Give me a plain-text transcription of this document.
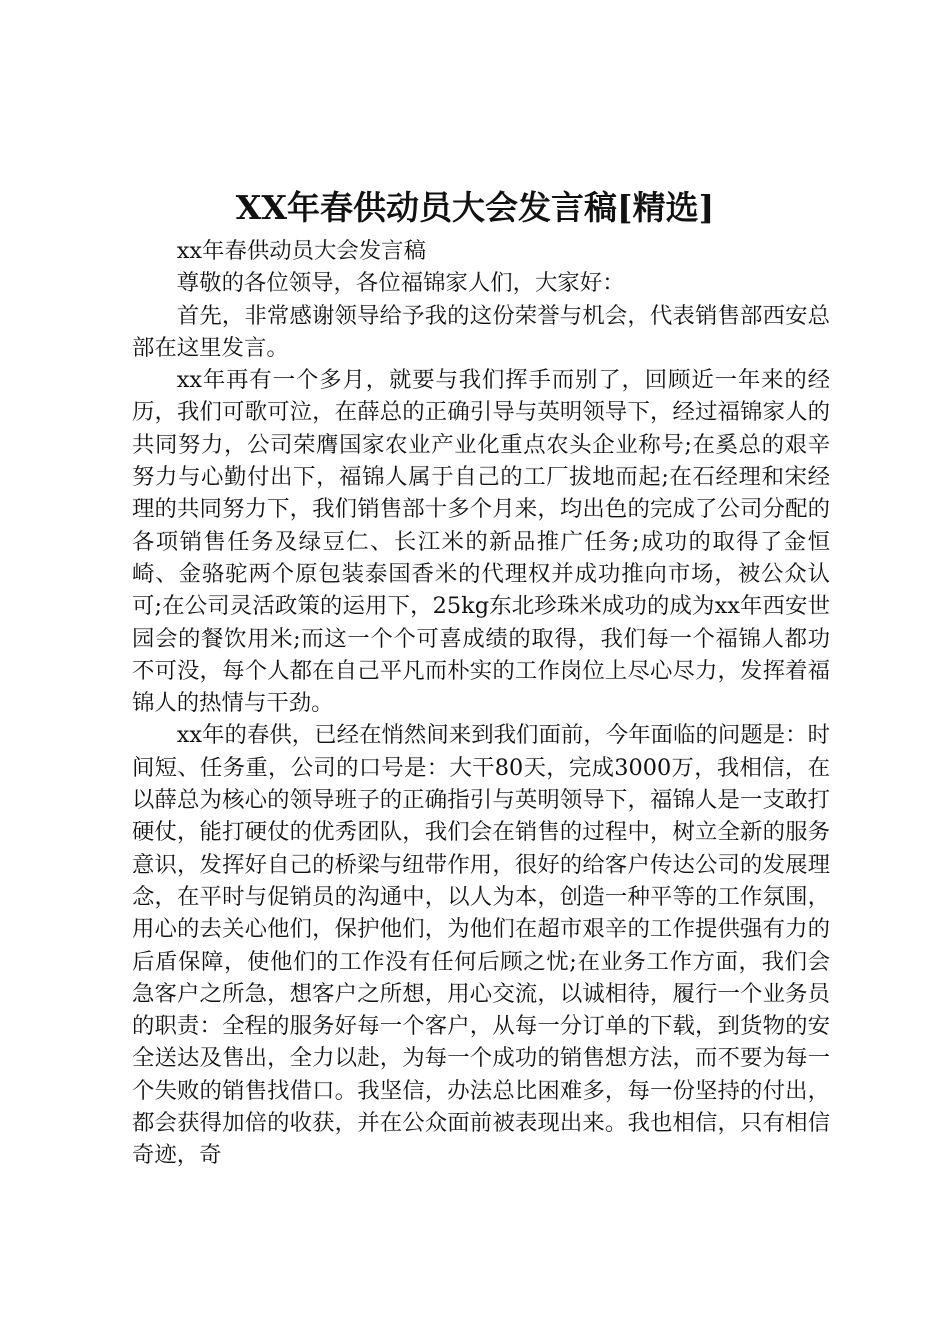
XX年春供动员大会发言稿[精选]

xx年春供动员大会发言稿

尊敬的各位领导，各位福锦家人们，大家好：

首先，非常感谢领导给予我的这份荣誉与机会，代表销售部西安总部在这里发言。

xx年再有一个多月，就要与我们挥手而别了，回顾近一年来的经历，我们可歌可泣，在薛总的正确引导与英明领导下，经过福锦家人的共同努力，公司荣膺国家农业产业化重点农头企业称号;在奚总的艰辛努力与心勤付出下，福锦人属于自己的工厂拔地而起;在石经理和宋经理的共同努力下，我们销售部十多个月来，均出色的完成了公司分配的各项销售任务及绿豆仁、长江米的新品推广任务;成功的取得了金恒崎、金骆驼两个原包装泰国香米的代理权并成功推向市场，被公众认可;在公司灵活政策的运用下，25kg东北珍珠米成功的成为xx年西安世园会的餐饮用米;而这一个个可喜成绩的取得，我们每一个福锦人都功不可没，每个人都在自己平凡而朴实的工作岗位上尽心尽力，发挥着福锦人的热情与干劲。

xx年的春供，已经在悄然间来到我们面前，今年面临的问题是：时间短、任务重，公司的口号是：大干80天，完成3000万，我相信，在以薛总为核心的领导班子的正确指引与英明领导下，福锦人是一支敢打硬仗，能打硬仗的优秀团队，我们会在销售的过程中，树立全新的服务意识，发挥好自己的桥梁与纽带作用，很好的给客户传达公司的发展理念，在平时与促销员的沟通中，以人为本，创造一种平等的工作氛围，用心的去关心他们，保护他们，为他们在超市艰辛的工作提供强有力的后盾保障，使他们的工作没有任何后顾之忧;在业务工作方面，我们会急客户之所急，想客户之所想，用心交流，以诚相待，履行一个业务员的职责：全程的服务好每一个客户，从每一分订单的下载，到货物的安全送达及售出，全力以赴，为每一个成功的销售想方法，而不要为每一个失败的销售找借口。我坚信，办法总比困难多，每一份坚持的付出，都会获得加倍的收获，并在公众面前被表现出来。我也相信，只有相信奇迹，奇
